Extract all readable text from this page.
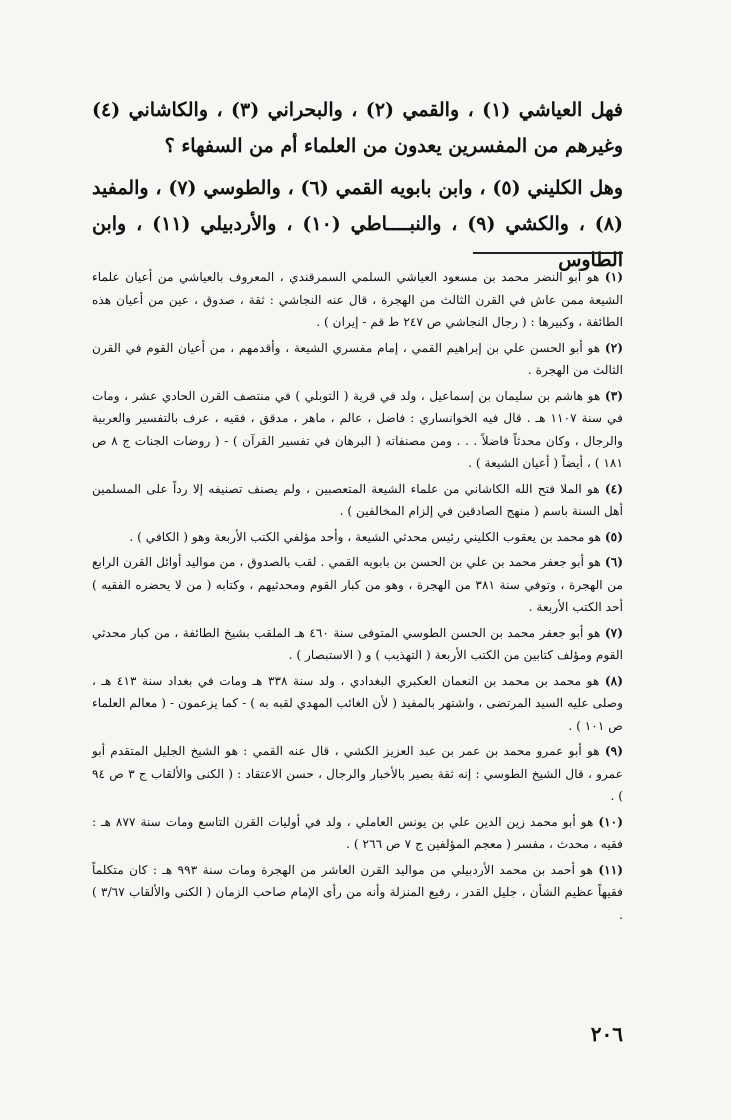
فهل العياشي (١) ، والقمي (٢) ، والبحراني (٣) ، والكاشاني (٤) وغيرهم من المفسرين يعدون من العلماء أم من السفهاء ؟

وهل الكليني (٥) ، وابن بابويه القمي (٦) ، والطوسي (٧) ، والمفيد (٨) ، والكشي (٩) ، والنبــــاطي (١٠) ، والأردبيلي (١١) ، وابن الطاوس

(١) هو أبو النضر محمد بن مسعود العياشي السلمي السمرقندي ، المعروف بالعياشي من أعيان علماء الشيعة ممن عاش في القرن الثالث من الهجرة ، قال عنه النجاشي : ثقة ، صدوق ، عين من أعيان هذه الطائفة ، وكبيرها : ( رجال النجاشي ص ٢٤٧ ط قم - إيران ) .

(٢) هو أبو الحسن علي بن إبراهيم القمي ، إمام مفسري الشيعة ، وأقدمهم ، من أعيان القوم في القرن الثالث من الهجرة .

(٣) هو هاشم بن سليمان بن إسماعيل ، ولد في قرية ( التوبلي ) في منتصف القرن الحادي عشر ، ومات في سنة ١١٠٧ هـ . قال فيه الخوانساري : فاضل ، عالم ، ماهر ، مدقق ، فقيه ، عرف بالتفسير والعربية والرجال ، وكان محدثاً فاضلاً . . . ومن مصنفاته ( البرهان في تفسير القرآن ) - ( روضات الجنات ج ٨ ص ١٨١ ) ، أيضاً ( أعيان الشيعة ) .

(٤) هو الملا فتح الله الكاشاني من علماء الشيعة المتعصبين ، ولم يصنف تصنيفه إلا رداً على المسلمين أهل السنة باسم ( منهج الصادقين في إلزام المخالفين ) .

(٥) هو محمد بن يعقوب الكليني رئيس محدثي الشيعة ، وأحد مؤلفي الكتب الأربعة وهو ( الكافي ) .

(٦) هو أبو جعفر محمد بن علي بن الحسن بن بابويه القمي . لقب بالصدوق ، من مواليد أوائل القرن الرابع من الهجرة ، وتوفي سنة ٣٨١ من الهجرة ، وهو من كبار القوم ومحدثيهم ، وكتابه ( من لا يحضره الفقيه ) أحد الكتب الأربعة .

(٧) هو أبو جعفر محمد بن الحسن الطوسي المتوفى سنة ٤٦٠ هـ الملقب بشيخ الطائفة ، من كبار محدثي القوم ومؤلف كتابين من الكتب الأربعة ( التهذيب ) و ( الاستبصار ) .

(٨) هو محمد بن محمد بن النعمان العكبري البغدادي ، ولد سنة ٣٣٨ هـ ومات في بغداد سنة ٤١٣ هـ ، وصلى عليه السيد المرتضى ، واشتهر بالمفيد ( لأن الغائب المهدي لقبه به ) - كما يزعمون - ( معالم العلماء ص ١٠١ ) .

(٩) هو أبو عمرو محمد بن عمر بن عبد العزيز الكشي ، قال عنه القمي : هو الشيخ الجليل المتقدم أبو عمرو ، قال الشيخ الطوسي : إنه ثقة بصير بالأخبار والرجال ، حسن الاعتقاد : ( الكنى والألقاب ج ٣ ص ٩٤ ) .

(١٠) هو أبو محمد زين الدين علي بن يونس العاملي ، ولد في أوليات القرن التاسع ومات سنة ٨٧٧ هـ : فقيه ، محدث ، مفسر ( معجم المؤلفين ج ٧ ص ٢٦٦ ) .

(١١) هو أحمد بن محمد الأردبيلي من مواليد القرن العاشر من الهجرة ومات سنة ٩٩٣ هـ : كان متكلماً فقيهاً عظيم الشأن ، جليل القدر ، رفيع المنزلة وأنه من رأى الإمام صاحب الزمان ( الكنى والألقاب ٣/٦٧ ) .

٢٠٦
